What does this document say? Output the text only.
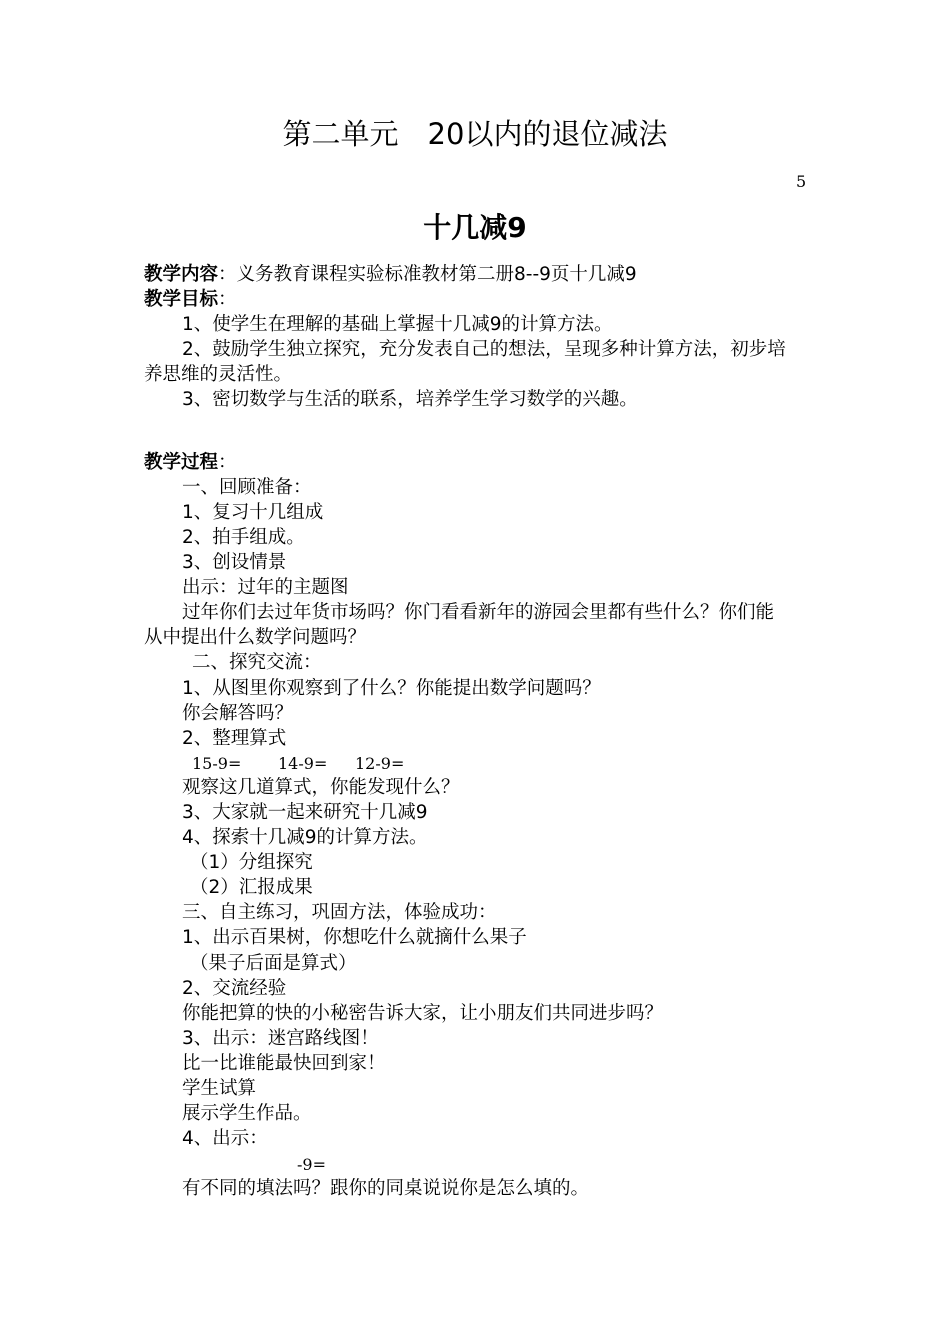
第二单元　20以内的退位减法
5
十几减9
教学内容：义务教育课程实验标准教材第二册8--9页十几减9
教学目标：
1、使学生在理解的基础上掌握十几减9的计算方法。
2、鼓励学生独立探究，充分发表自己的想法，呈现多种计算方法，初步培
养思维的灵活性。
3、密切数学与生活的联系，培养学生学习数学的兴趣。
教学过程：
一、回顾准备：
1、复习十几组成
2、拍手组成。
3、创设情景
出示：过年的主题图
过年你们去过年货市场吗？你门看看新年的游园会里都有些什么？你们能
从中提出什么数学问题吗？
二、探究交流：
1、从图里你观察到了什么？你能提出数学问题吗？
你会解答吗？
2、整理算式
15-9= 14-9= 12-9=
观察这几道算式，你能发现什么？
3、大家就一起来研究十几减9
4、探索十几减9的计算方法。
（1）分组探究
（2）汇报成果
三、自主练习，巩固方法，体验成功：
1、出示百果树，你想吃什么就摘什么果子
（果子后面是算式）
2、交流经验
你能把算的快的小秘密告诉大家，让小朋友们共同进步吗？
3、出示：迷宫路线图！
比一比谁能最快回到家！
学生试算
展示学生作品。
4、出示：
-9=
有不同的填法吗？跟你的同桌说说你是怎么填的。
